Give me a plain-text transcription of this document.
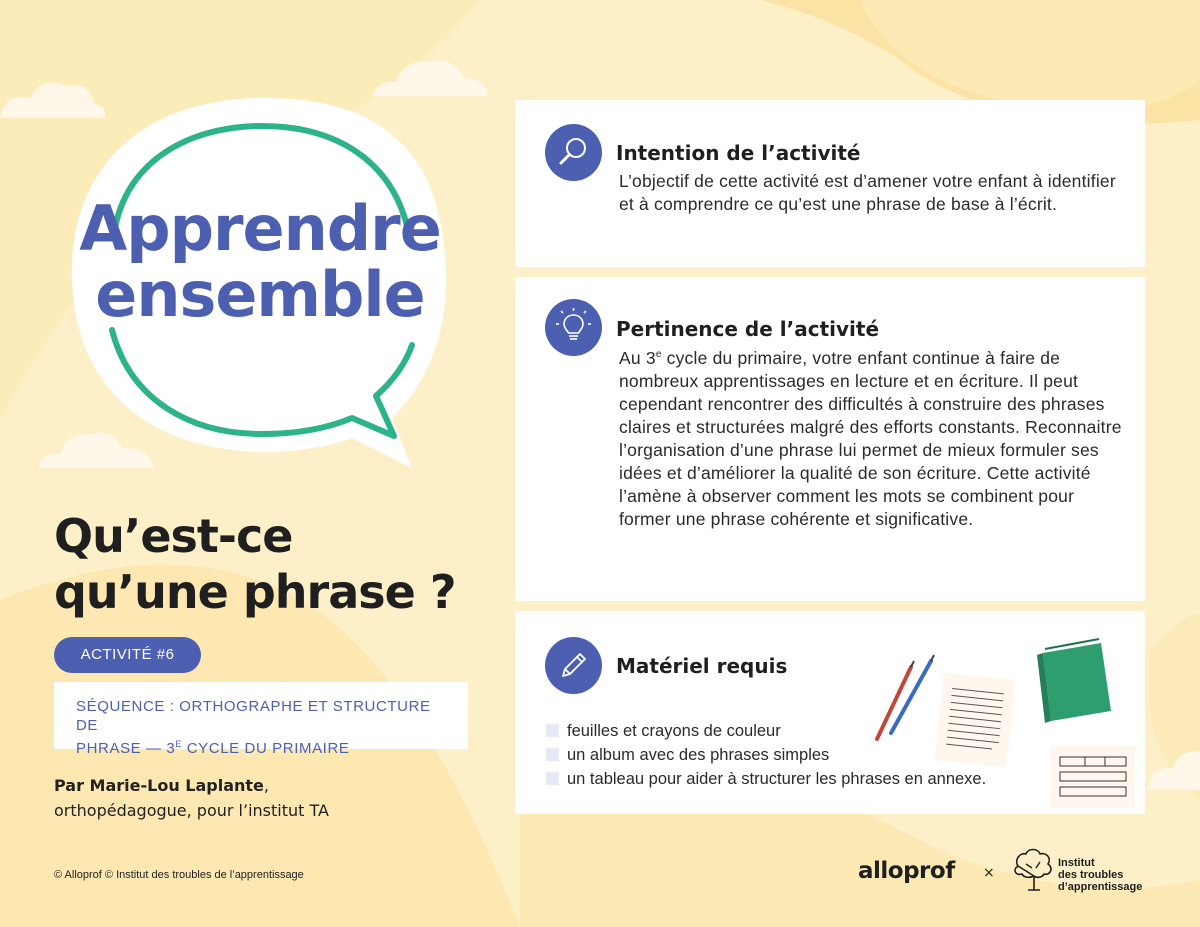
Apprendre
ensemble
Qu’est-ce
qu’une phrase ?
ACTIVITÉ #6
SÉQUENCE : ORTHOGRAPHE ET STRUCTURE DE
PHRASE — $3^E$ CYCLE DU PRIMAIRE
Par Marie-Lou Laplante,
orthopédagogue, pour l’institut TA
© Alloprof © Institut des troubles de l’apprentissage
Intention de l’activité
L’objectif de cette activité est d’amener votre enfant à identifier et à comprendre ce qu’est une phrase de base à l’écrit.
Pertinence de l’activité
Au 3e cycle du primaire, votre enfant continue à faire de nombreux apprentissages en lecture et en écriture. Il peut cependant rencontrer des difficultés à construire des phrases claires et structurées malgré des efforts constants. Reconnaitre l’organisation d’une phrase lui permet de mieux formuler ses idées et d’améliorer la qualité de son écriture. Cette activité l’amène à observer comment les mots se combinent pour former une phrase cohérente et significative.
Matériel requis
feuilles et crayons de couleur
un album avec des phrases simples
un tableau pour aider à structurer les phrases en annexe.
alloprof	×
Institut
des troubles
d’apprentissage
